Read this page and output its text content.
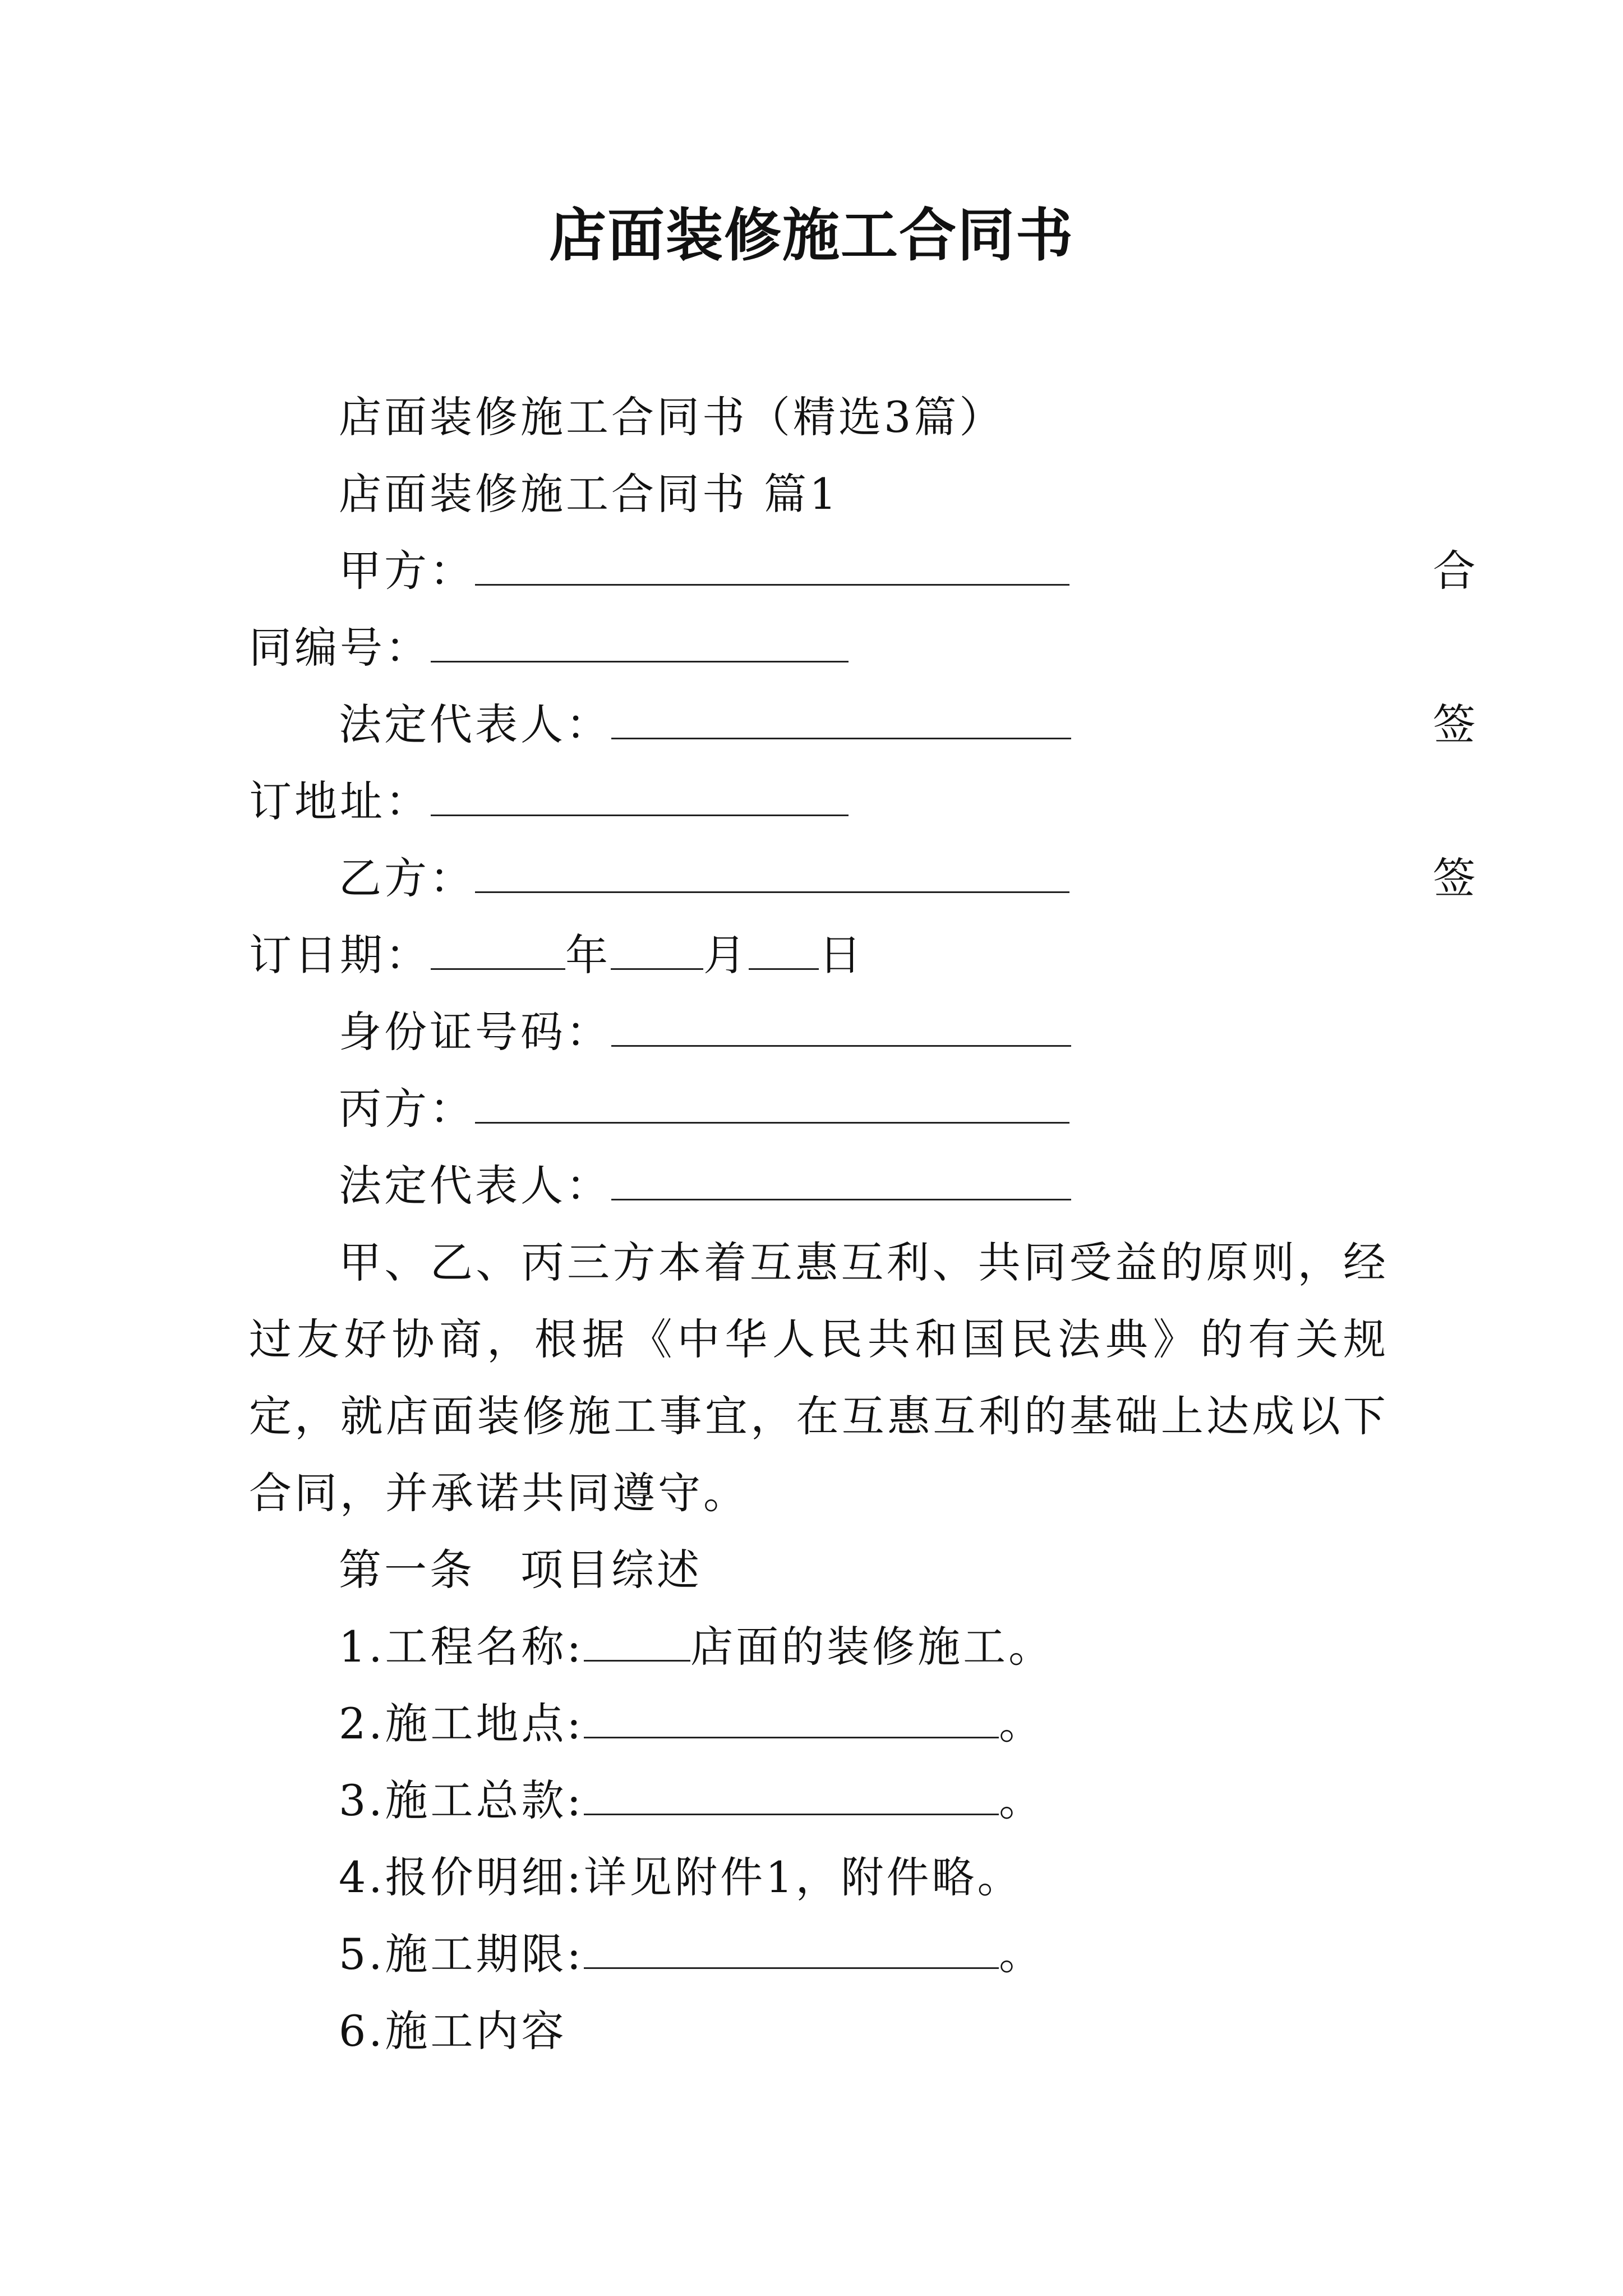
店面装修施工合同书
店面装修施工合同书（精选3篇）
店面装修施工合同书 篇1
甲方：	合
同编号：
法定代表人：	签
订地址：
乙方：	签
订日期：	年 月 日
身份证号码：
丙方：
法定代表人：

甲、乙、丙三方本着互惠互利、共同受益的原则，经过友好协商，根据《中华人民共和国民法典》的有关规定，就店面装修施工事宜，在互惠互利的基础上达成以下合同，并承诺共同遵守。

第一条　项目综述
1.工程名称:	店面的装修施工。
2.施工地点:	。
3.施工总款:	。
4.报价明细:详见附件1，附件略。
5.施工期限:	。
6.施工内容
